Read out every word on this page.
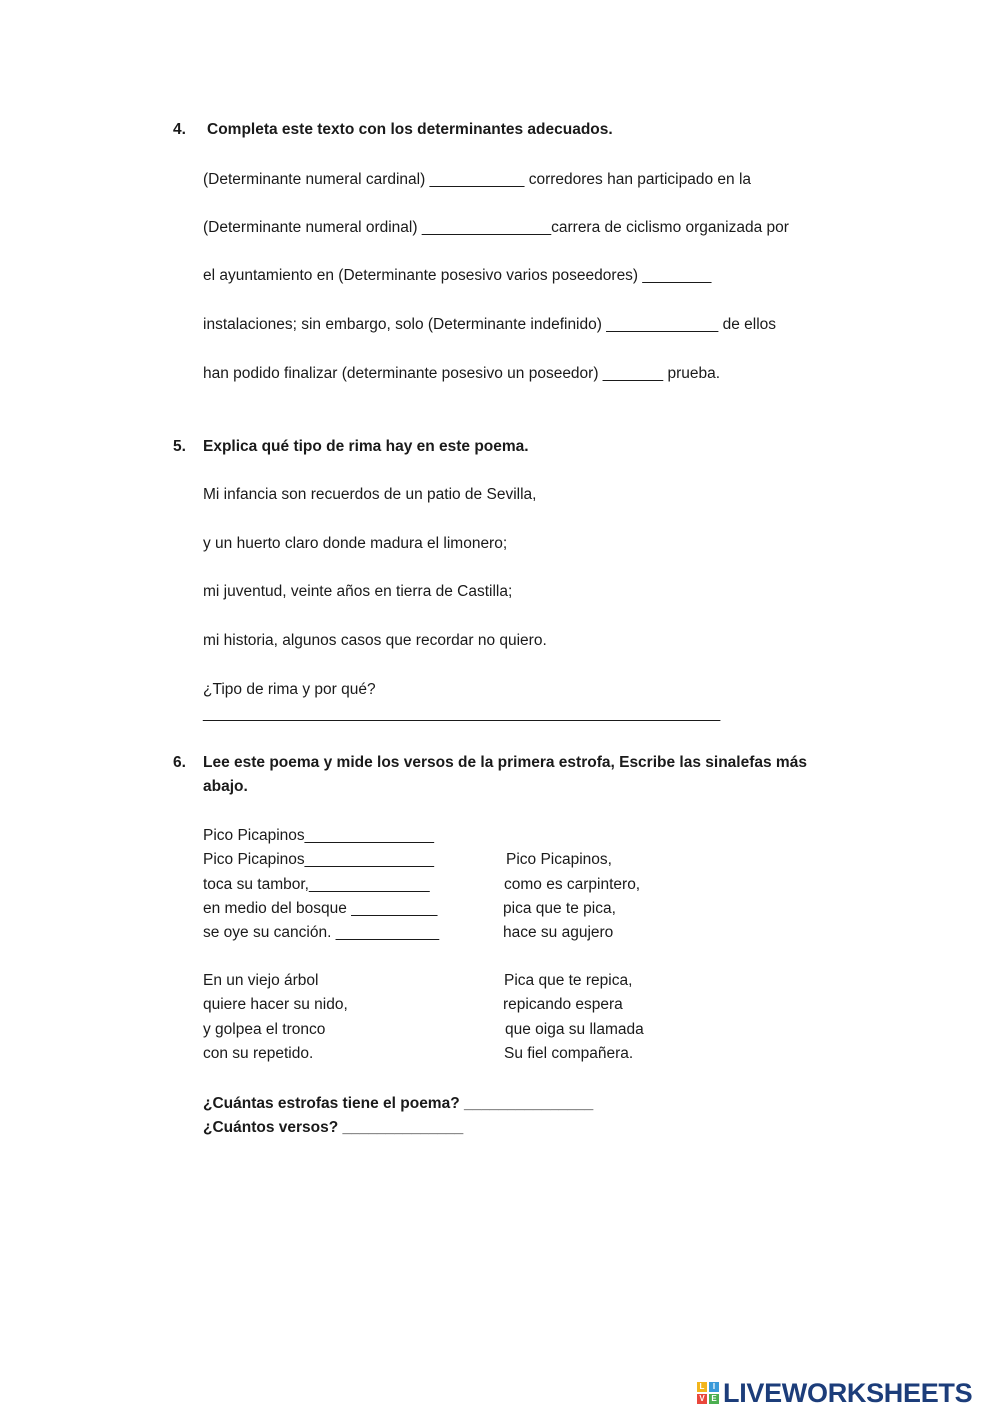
4. Completa este texto con los determinantes adecuados.
(Determinante numeral cardinal) ___________ corredores han participado en la
(Determinante numeral ordinal) _______________carrera de ciclismo organizada por
el ayuntamiento en (Determinante posesivo varios poseedores) ________
instalaciones; sin embargo, solo (Determinante indefinido) _____________ de ellos
han podido finalizar (determinante posesivo un poseedor) _______ prueba.
5. Explica qué tipo de rima hay en este poema.
Mi infancia son recuerdos de un patio de Sevilla,
y un huerto claro donde madura el limonero;
mi juventud, veinte años en tierra de Castilla;
mi historia, algunos casos que recordar no quiero.
¿Tipo de rima y por qué?
____________________________________________________________
6. Lee este poema y mide los versos de la primera estrofa, Escribe las sinalefas más
abajo.
Pico Picapinos_______________
Pico Picapinos_______________
toca su tambor,______________
en medio del bosque __________
se oye su canción. ____________
Pico Picapinos,
como es carpintero,
pica que te pica,
hace su agujero
En un viejo árbol
quiere hacer su nido,
y golpea el tronco
con su repetido.
Pica que te repica,
repicando espera
que oiga su llamada
Su fiel compañera.
¿Cuántas estrofas tiene el poema? _______________
¿Cuántos versos? ______________
L	I
V E LIVEWORKSHEETS
